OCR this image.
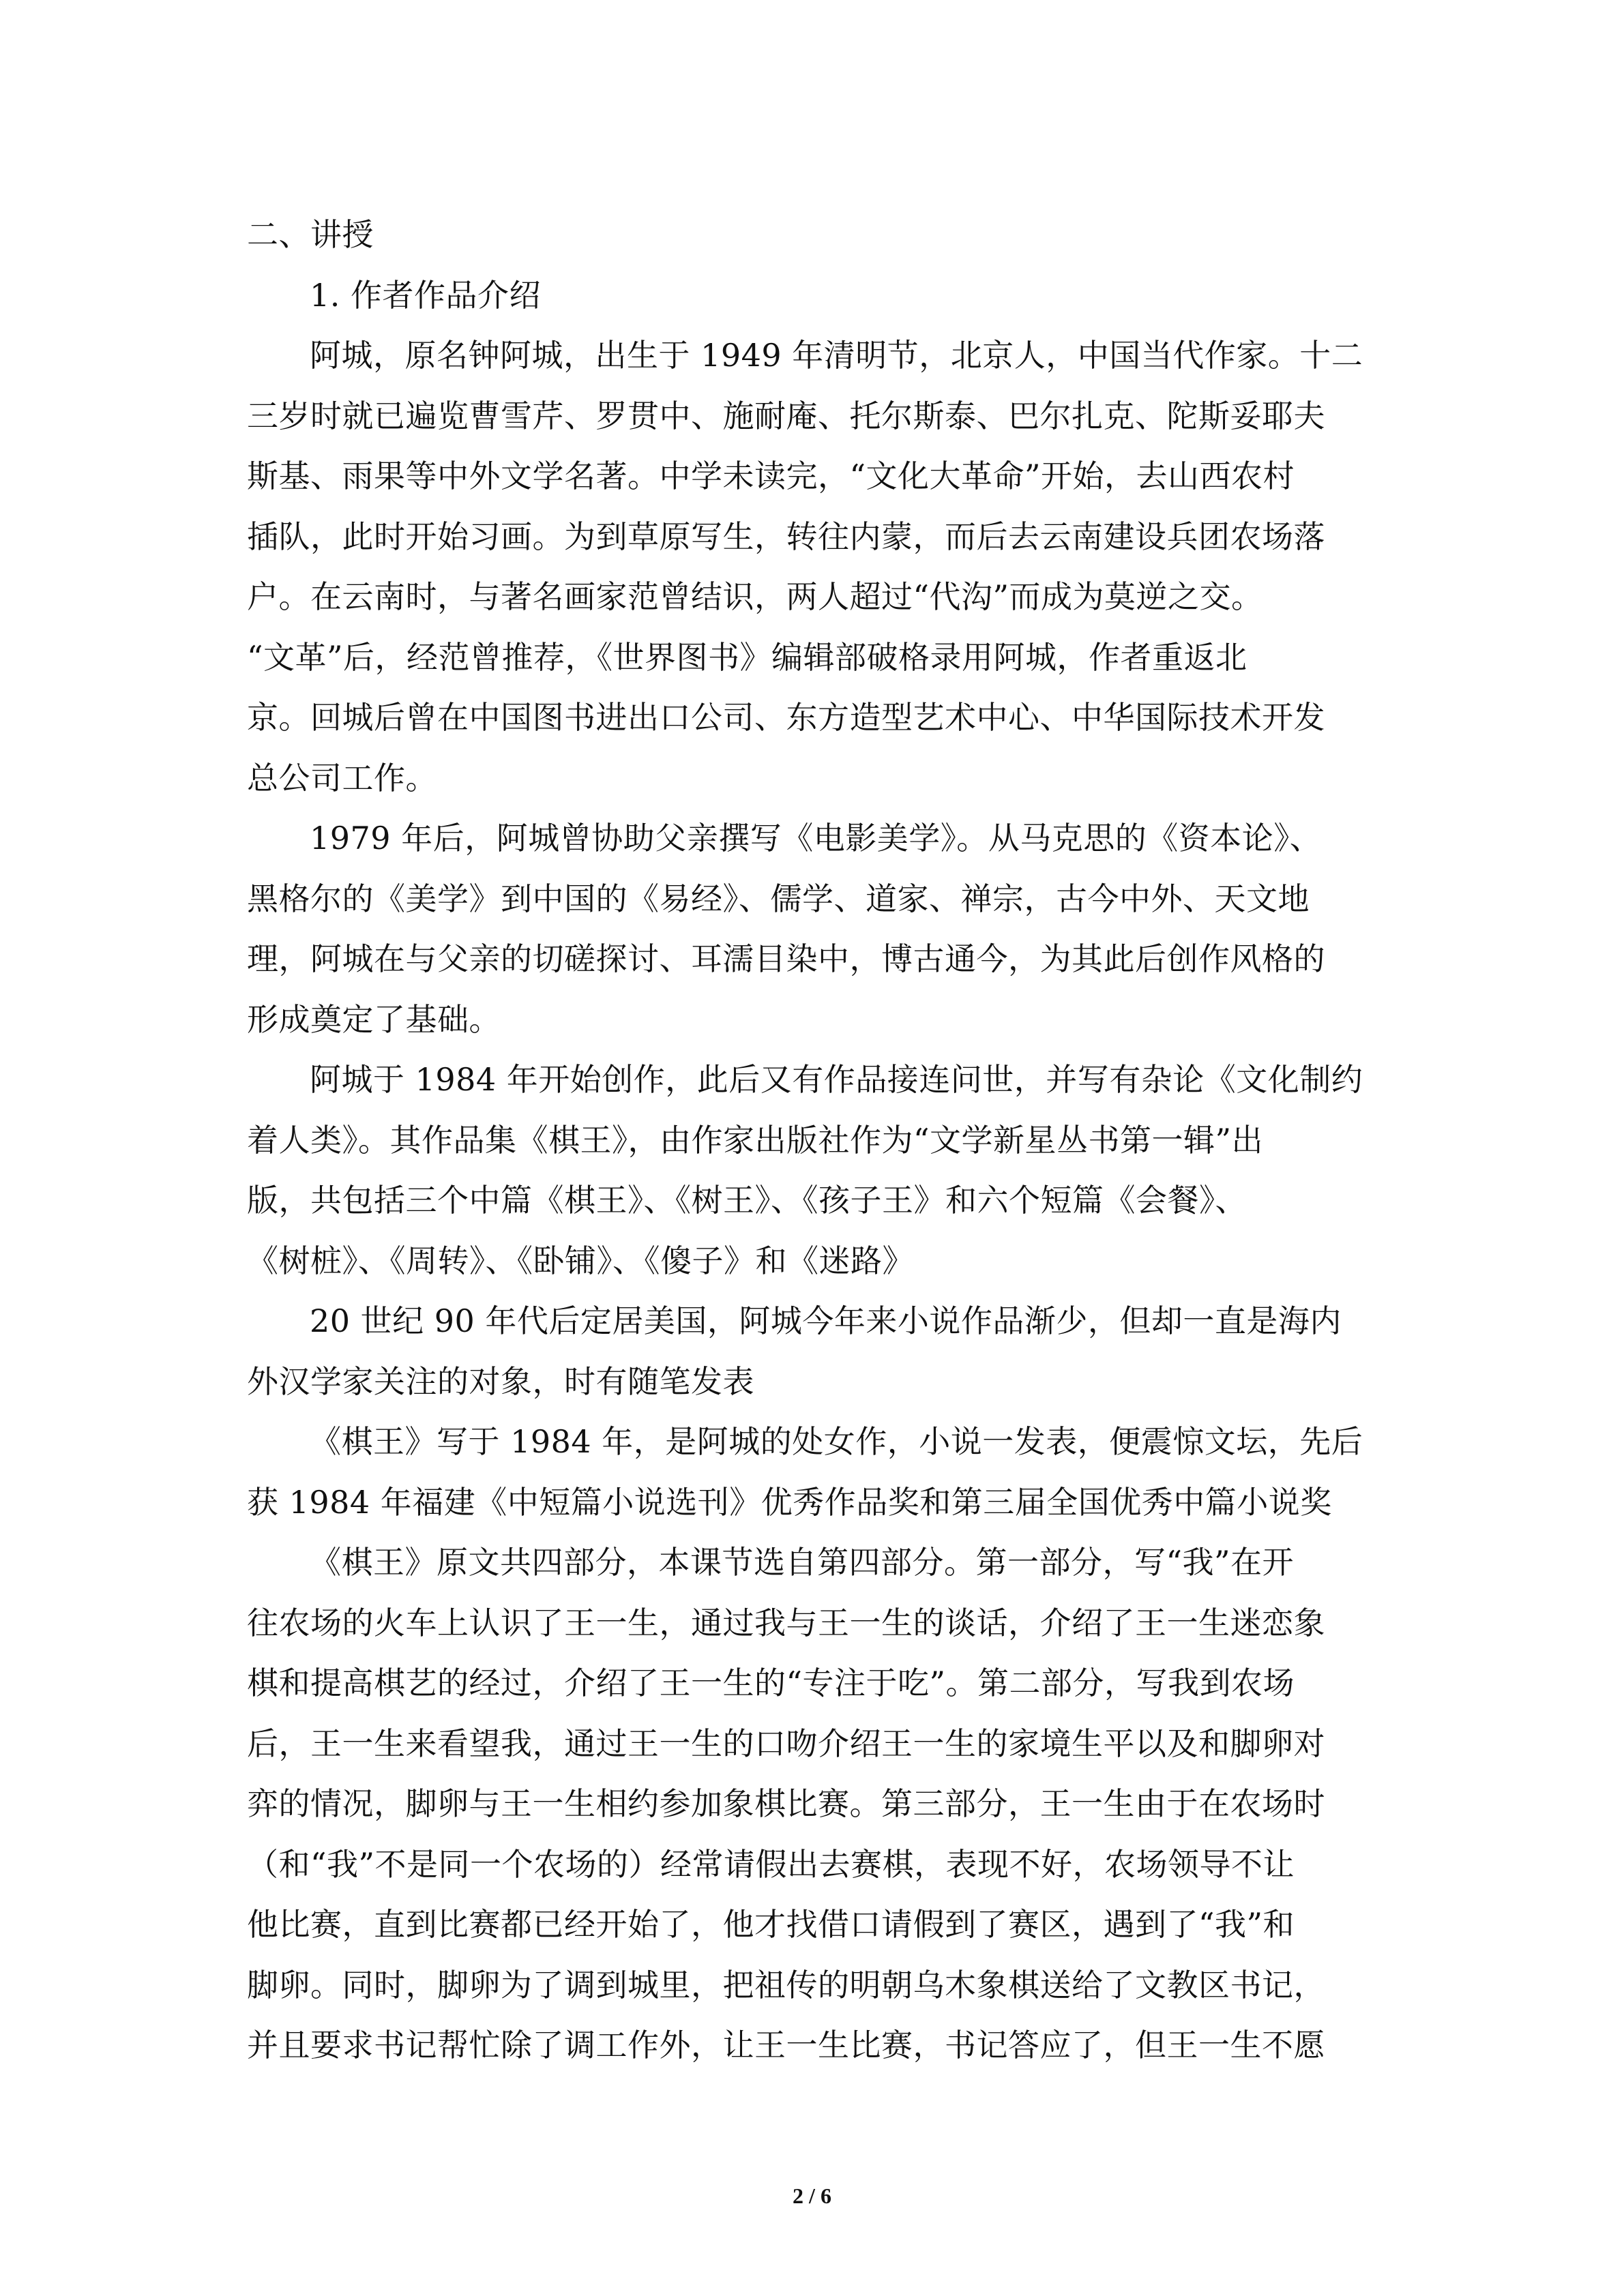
二、讲授
1. 作者作品介绍
阿城，原名钟阿城，出生于 1949 年清明节，北京人，中国当代作家。十二
三岁时就已遍览曹雪芹、罗贯中、施耐庵、托尔斯泰、巴尔扎克、陀斯妥耶夫
斯基、雨果等中外文学名著。中学未读完，“文化大革命”开始，去山西农村
插队，此时开始习画。为到草原写生，转往内蒙，而后去云南建设兵团农场落
户。在云南时，与著名画家范曾结识，两人超过“代沟”而成为莫逆之交。
“文革”后，经范曾推荐，《世界图书》编辑部破格录用阿城，作者重返北
京。回城后曾在中国图书进出口公司、东方造型艺术中心、中华国际技术开发
总公司工作。
1979 年后，阿城曾协助父亲撰写《电影美学》。从马克思的《资本论》、
黑格尔的《美学》到中国的《易经》、儒学、道家、禅宗，古今中外、天文地
理，阿城在与父亲的切磋探讨、耳濡目染中，博古通今，为其此后创作风格的
形成奠定了基础。
阿城于 1984 年开始创作，此后又有作品接连问世，并写有杂论《文化制约
着人类》。其作品集《棋王》，由作家出版社作为“文学新星丛书第一辑”出
版，共包括三个中篇《棋王》、《树王》、《孩子王》和六个短篇《会餐》、
《树桩》、《周转》、《卧铺》、《傻子》和《迷路》
20 世纪 90 年代后定居美国，阿城今年来小说作品渐少，但却一直是海内
外汉学家关注的对象，时有随笔发表
《棋王》写于 1984 年，是阿城的处女作，小说一发表，便震惊文坛，先后
获 1984 年福建《中短篇小说选刊》优秀作品奖和第三届全国优秀中篇小说奖
《棋王》原文共四部分，本课节选自第四部分。第一部分，写“我”在开
往农场的火车上认识了王一生，通过我与王一生的谈话，介绍了王一生迷恋象
棋和提高棋艺的经过，介绍了王一生的“专注于吃”。第二部分，写我到农场
后，王一生来看望我，通过王一生的口吻介绍王一生的家境生平以及和脚卵对
弈的情况，脚卵与王一生相约参加象棋比赛。第三部分，王一生由于在农场时
（和“我”不是同一个农场的）经常请假出去赛棋，表现不好，农场领导不让
他比赛，直到比赛都已经开始了，他才找借口请假到了赛区，遇到了“我”和
脚卵。同时，脚卵为了调到城里，把祖传的明朝乌木象棋送给了文教区书记，
并且要求书记帮忙除了调工作外，让王一生比赛，书记答应了，但王一生不愿
2 / 6
